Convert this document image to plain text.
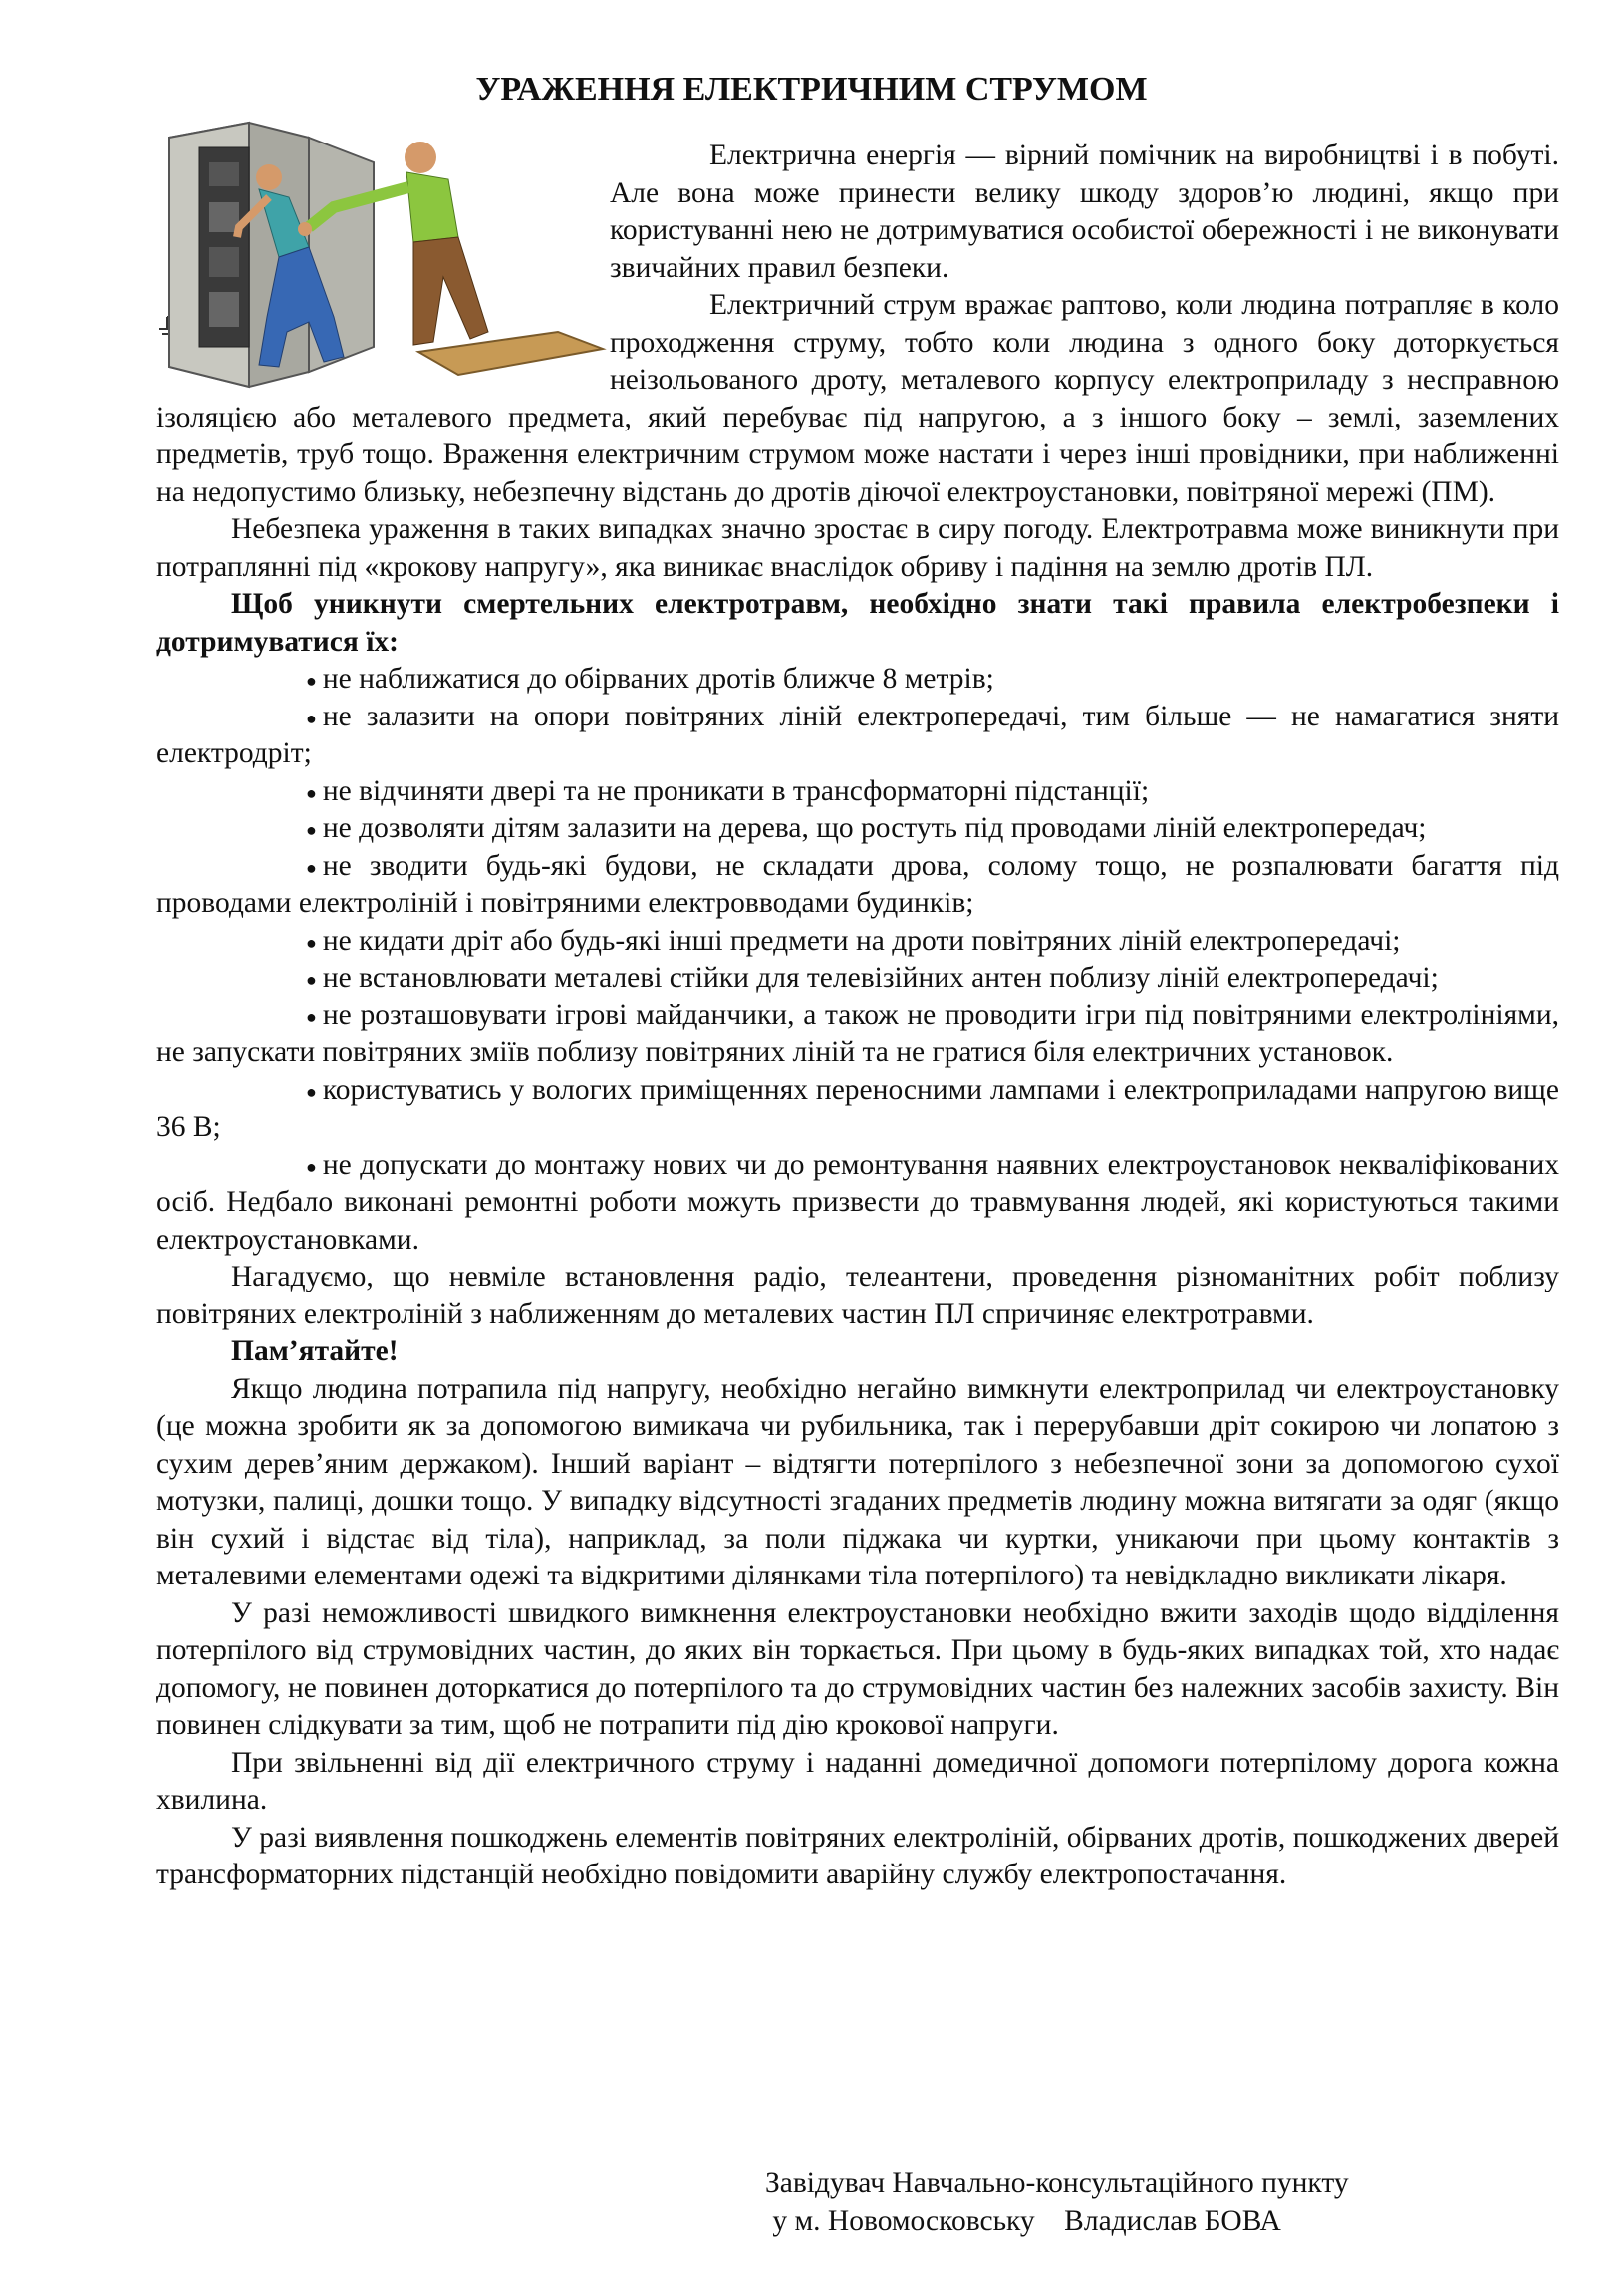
УРАЖЕННЯ ЕЛЕКТРИЧНИМ СТРУМОМ

Електрична енергія — вірний помічник на виробництві і в побуті. Але вона може принести велику шкоду здоров’ю людині, якщо при користуванні нею не дотримуватися особистої обережності і не виконувати звичайних правил безпеки.

Електричний струм вражає раптово, коли людина потрапляє в коло проходження струму, тобто коли людина з одного боку доторкується неізольованого дроту, металевого корпусу електроприладу з несправною ізоляцією або металевого предмета, який перебуває під напругою, а з іншого боку – землі, заземлених предметів, труб тощо. Враження електричним струмом може настати і через інші провідники, при наближенні на недопустимо близьку, небезпечну відстань до дротів діючої електроустановки, повітряної мережі (ПМ).

Небезпека ураження в таких випадках значно зростає в сиру погоду. Електротравма може виникнути при потраплянні під «крокову напругу», яка виникає внаслідок обриву і падіння на землю дротів ПЛ.

Щоб уникнути смертельних електротравм, необхідно знати такі правила електробезпеки і дотримуватися їх:

● не наближатися до обірваних дротів ближче 8 метрів;

● не залазити на опори повітряних ліній електропередачі, тим більше — не намагатися зняти електродріт;

● не відчиняти двері та не проникати в трансформаторні підстанції;

● не дозволяти дітям залазити на дерева, що ростуть під проводами ліній електропередач;

● не зводити будь-які будови, не складати дрова, солому тощо, не розпалювати багаття під проводами електроліній і повітряними електровводами будинків;

● не кидати дріт або будь-які інші предмети на дроти повітряних ліній електропередачі;

● не встановлювати металеві стійки для телевізійних антен поблизу ліній електропередачі;

● не розташовувати ігрові майданчики, а також не проводити ігри під повітряними електролініями, не запускати повітряних зміїв поблизу повітряних ліній та не гратися біля електричних установок.

● користуватись у вологих приміщеннях переносними лампами і електроприладами напругою вище 36 В;

● не допускати до монтажу нових чи до ремонтування наявних електроустановок некваліфікованих осіб. Недбало виконані ремонтні роботи можуть призвести до травмування людей, які користуються такими електроустановками.

Нагадуємо, що невміле встановлення радіо, телеантени, проведення різноманітних робіт поблизу повітряних електроліній з наближенням до металевих частин ПЛ спричиняє електротравми.

Пам’ятайте!

Якщо людина потрапила під напругу, необхідно негайно вимкнути електроприлад чи електроустановку (це можна зробити як за допомогою вимикача чи рубильника, так і перерубавши дріт сокирою чи лопатою з сухим дерев’яним держаком). Інший варіант – відтягти потерпілого з небезпечної зони за допомогою сухої мотузки, палиці, дошки тощо. У випадку відсутності згаданих предметів людину можна витягати за одяг (якщо він сухий і відстає від тіла), наприклад, за поли піджака чи куртки, уникаючи при цьому контактів з металевими елементами одежі та відкритими ділянками тіла потерпілого) та невідкладно викликати лікаря.

У разі неможливості швидкого вимкнення електроустановки необхідно вжити заходів щодо відділення потерпілого від струмовідних частин, до яких він торкається. При цьому в будь-яких випадках той, хто надає допомогу, не повинен доторкатися до потерпілого та до струмовідних частин без належних засобів захисту. Він повинен слідкувати за тим, щоб не потрапити під дію крокової напруги.

При звільненні від дії електричного струму і наданні домедичної допомоги потерпілому дорога кожна хвилина.

У разі виявлення пошкоджень елементів повітряних електроліній, обірваних дротів, пошкоджених дверей трансформаторних підстанцій необхідно повідомити аварійну службу електропостачання.

Завідувач Навчально-консультаційного пункту
у м. Новомосковську    Владислав БОВА
